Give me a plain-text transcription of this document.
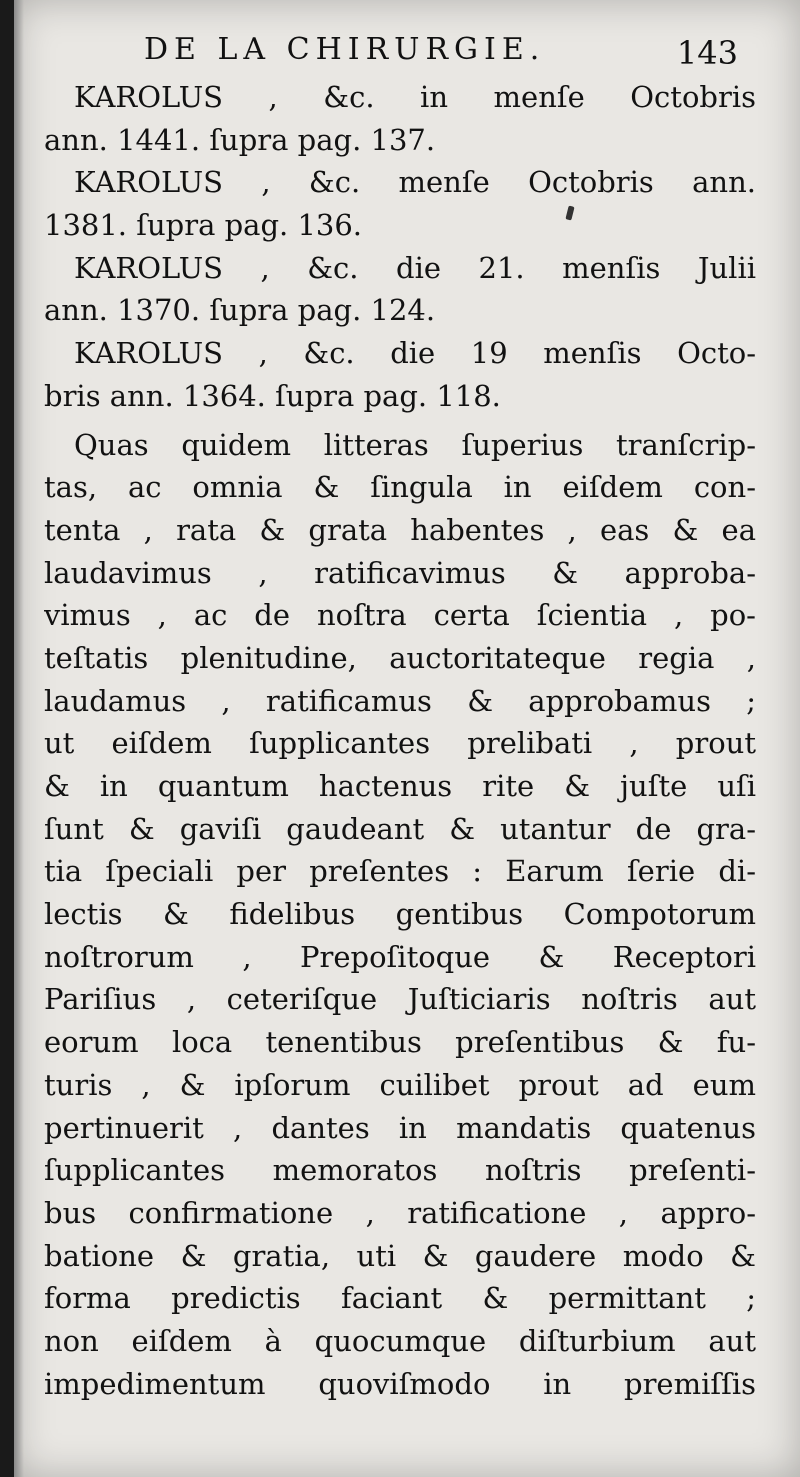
DE LA CHIRURGIE.	143
KAROLUS , &c. in menſe Octobris
ann. 1441. ſupra pag. 137.
KAROLUS , &c. menſe Octobris ann.
1381. ſupra pag. 136.
KAROLUS , &c. die 21. menſis Julii
ann. 1370. ſupra pag. 124.
KAROLUS , &c. die 19 menſis Octo-
bris ann. 1364. ſupra pag. 118.
Quas quidem litteras ſuperius tranſcrip-
tas, ac omnia & ſingula in eiſdem con-
tenta , rata & grata habentes , eas & ea
laudavimus , ratificavimus & approba-
vimus , ac de noſtra certa ſcientia , po-
teſtatis plenitudine, auctoritateque regia ,
laudamus , ratificamus & approbamus ;
ut eiſdem ſupplicantes prelibati , prout
& in quantum hactenus rite & juſte uſi
ſunt & gaviſi gaudeant & utantur de gra-
tia ſpeciali per preſentes : Earum ſerie di-
lectis & fidelibus gentibus Compotorum
noſtrorum , Prepoſitoque & Receptori
Pariſius , ceteriſque Juſticiaris noſtris aut
eorum loca tenentibus preſentibus & fu-
turis , & ipſorum cuilibet prout ad eum
pertinuerit , dantes in mandatis quatenus
ſupplicantes memoratos noſtris preſenti-
bus confirmatione , ratificatione , appro-
batione & gratia, uti & gaudere modo &
forma predictis faciant & permittant ;
non eiſdem à quocumque diſturbium aut
impedimentum quoviſmodo in premiſſis
